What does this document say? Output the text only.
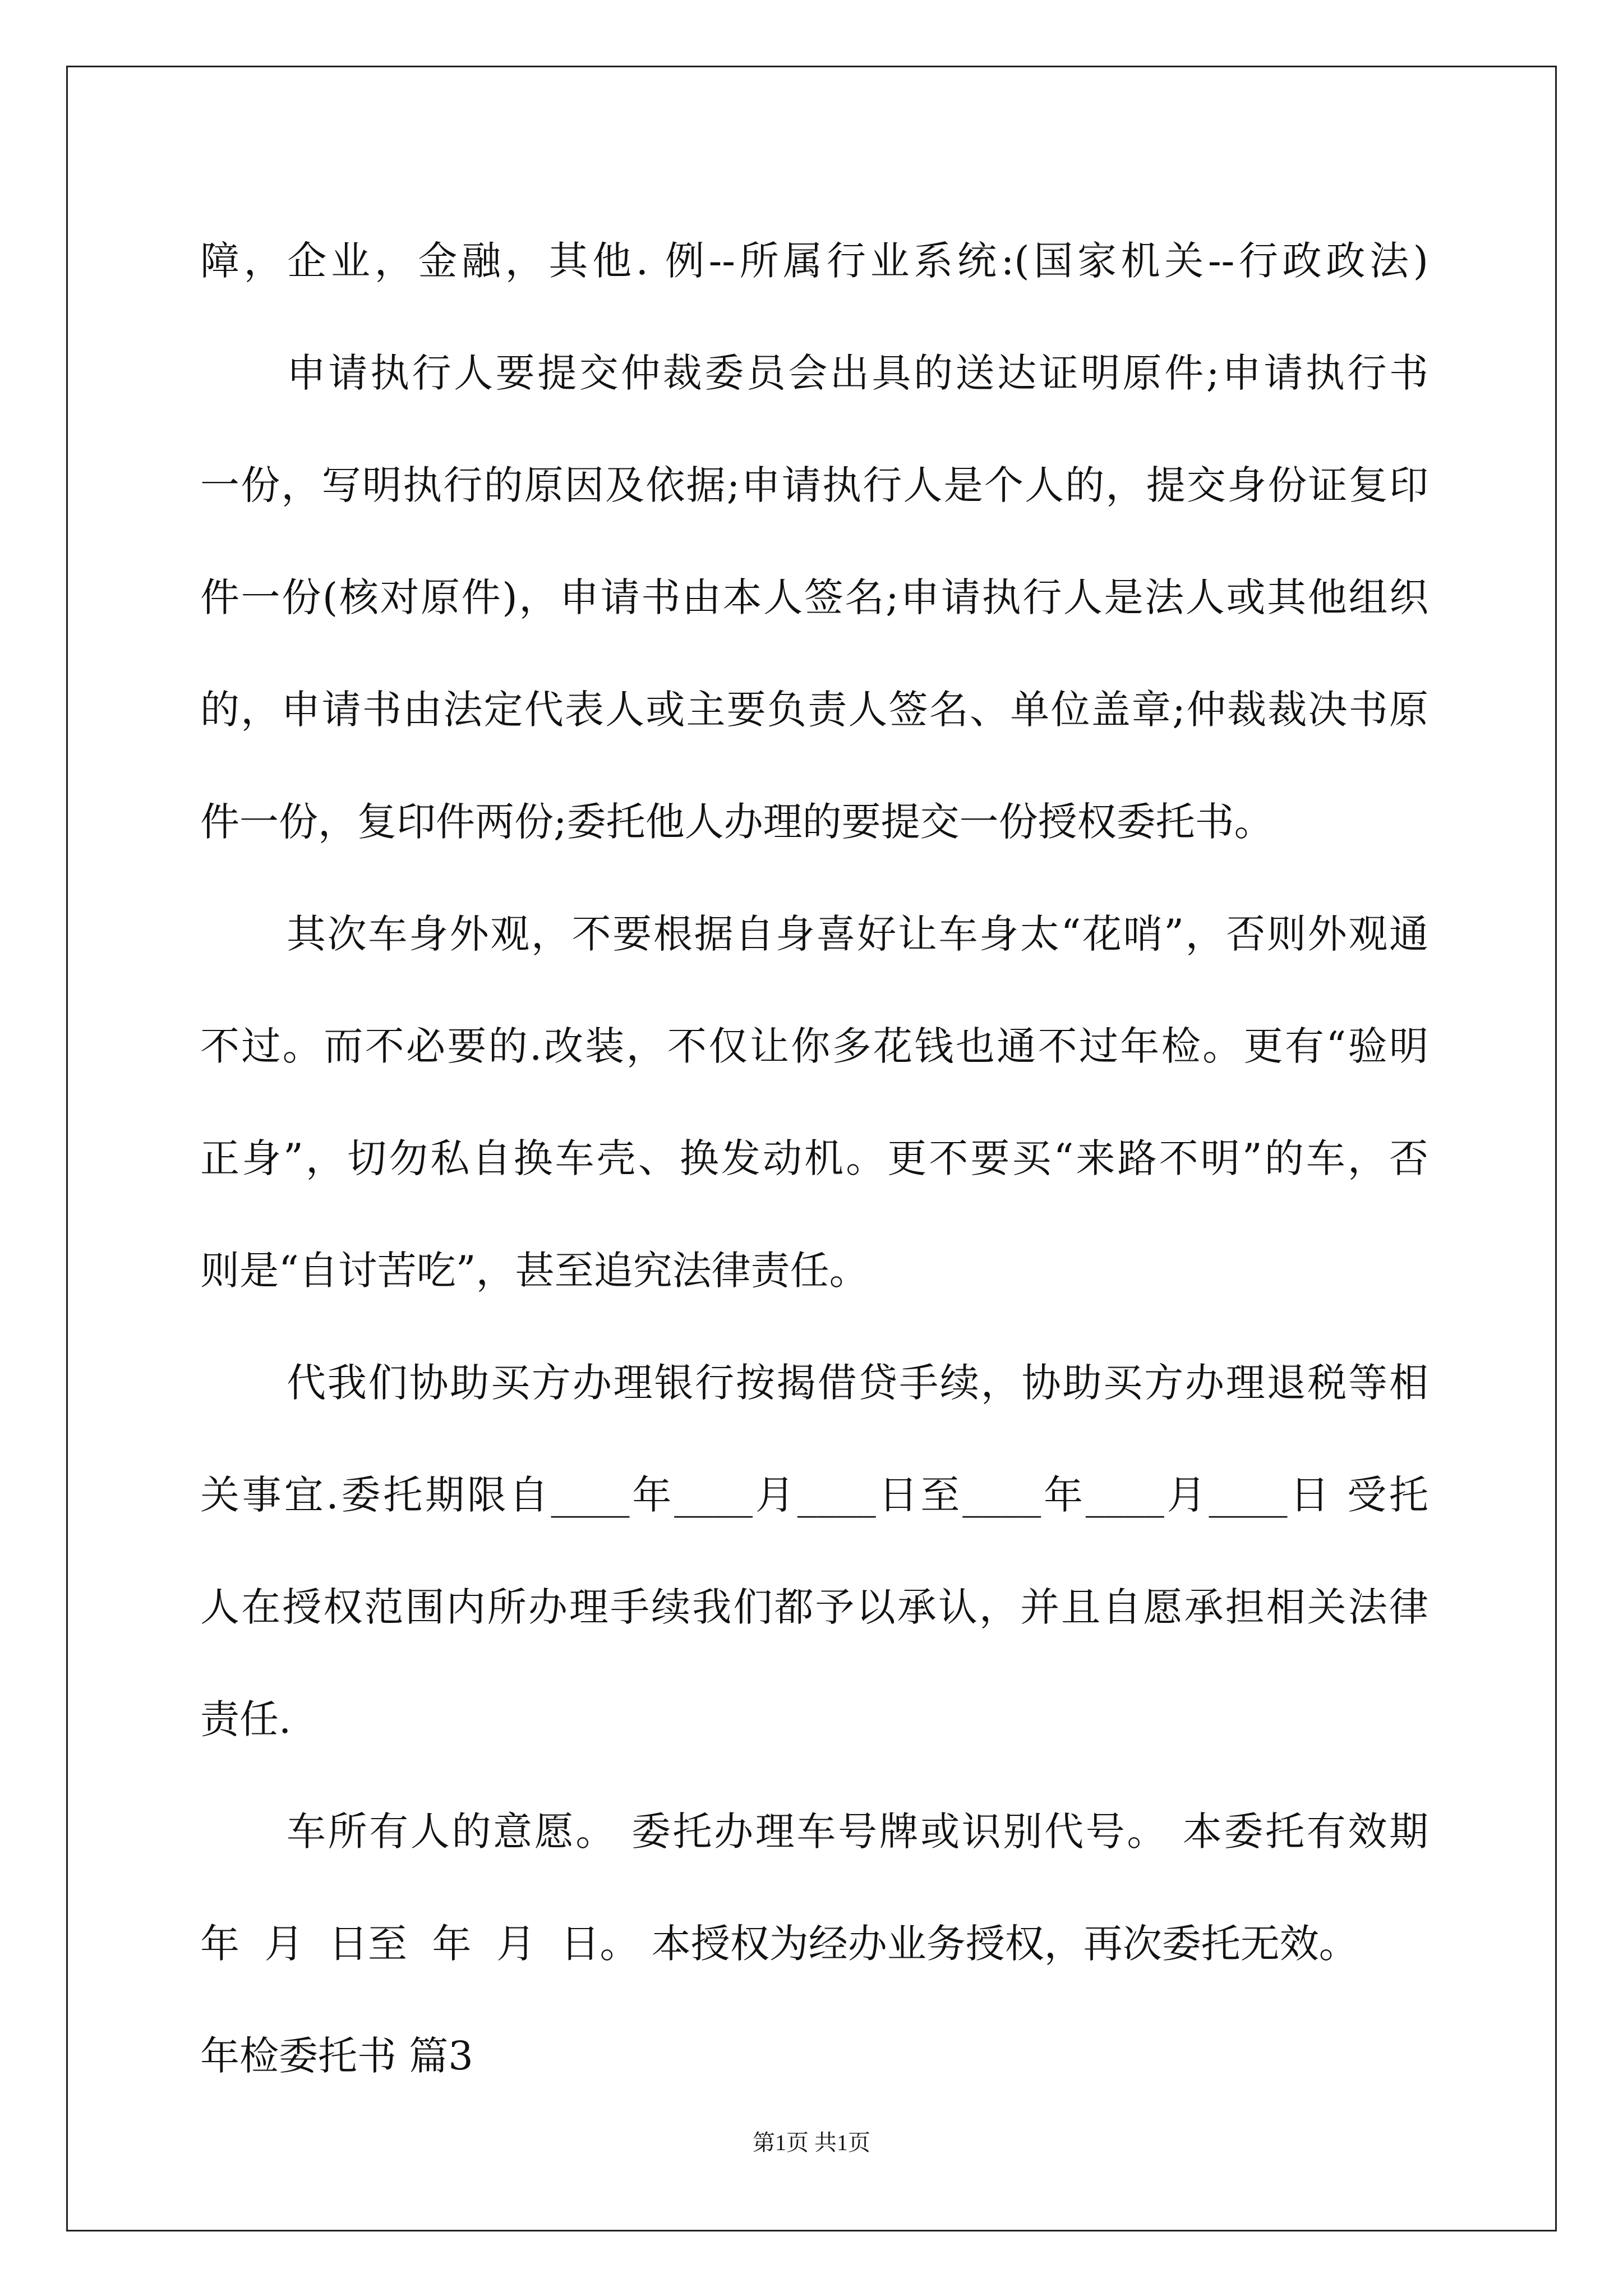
障，企业，金融，其他. 例--所属行业系统:(国家机关--行政政法)
申请执行人要提交仲裁委员会出具的送达证明原件;申请执行书
一份，写明执行的原因及依据;申请执行人是个人的，提交身份证复印
件一份(核对原件)，申请书由本人签名;申请执行人是法人或其他组织
的，申请书由法定代表人或主要负责人签名、单位盖章;仲裁裁决书原
件一份，复印件两份;委托他人办理的要提交一份授权委托书。
其次车身外观，不要根据自身喜好让车身太“花哨”，否则外观通
不过。而不必要的.改装，不仅让你多花钱也通不过年检。更有“验明
正身”，切勿私自换车壳、换发动机。更不要买“来路不明”的车，否
则是“自讨苦吃”，甚至追究法律责任。
代我们协助买方办理银行按揭借贷手续，协助买方办理退税等相
关事宜.委托期限自____年____月____日至____年____月____日 受托
人在授权范围内所办理手续我们都予以承认，并且自愿承担相关法律
责任.
车所有人的意愿。 委托办理车号牌或识别代号。 本委托有效期
年  月  日至  年  月  日。 本授权为经办业务授权，再次委托无效。
年检委托书 篇3
第1页 共1页
